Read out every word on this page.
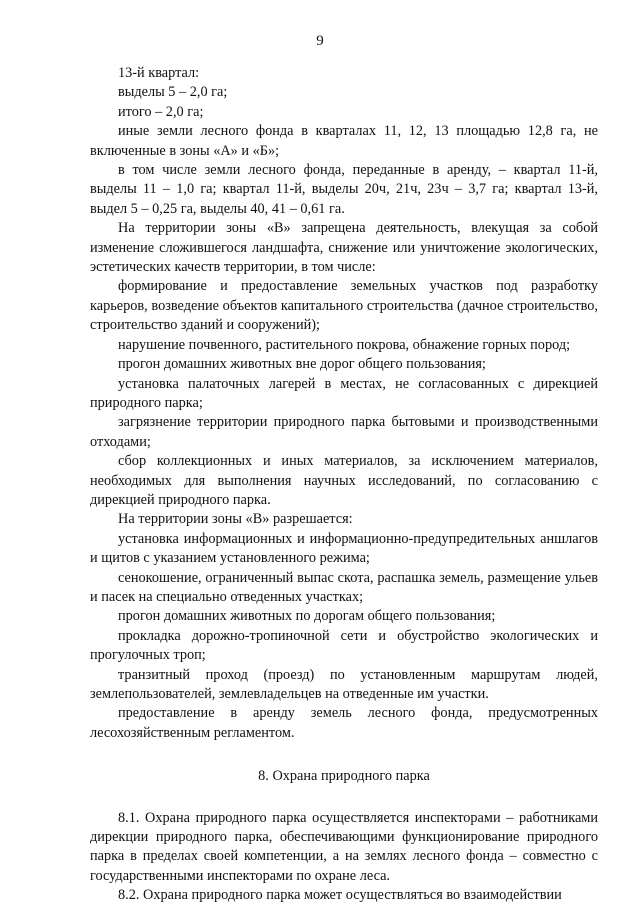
9

13-й квартал:

выделы 5 – 2,0 га;

итого – 2,0 га;

иные земли лесного фонда в кварталах 11, 12, 13 площадью 12,8 га, не включенные в зоны «А» и «Б»;

в том числе земли лесного фонда, переданные в аренду, – квартал 11-й, выделы 11 – 1,0 га; квартал 11-й, выделы 20ч, 21ч, 23ч – 3,7 га; квартал 13-й, выдел 5 – 0,25 га, выделы 40, 41 – 0,61 га.

На территории зоны «В» запрещена деятельность, влекущая за собой изменение сложившегося ландшафта, снижение или уничтожение экологических, эстетических качеств территории, в том числе:

формирование и предоставление земельных участков под разработку карьеров, возведение объектов капитального строительства (дачное строительство, строительство зданий и сооружений);

нарушение почвенного, растительного покрова, обнажение горных пород;

прогон домашних животных вне дорог общего пользования;

установка палаточных лагерей в местах, не согласованных с дирекцией природного парка;

загрязнение территории природного парка бытовыми и производственными отходами;

сбор коллекционных и иных материалов, за исключением материалов, необходимых для выполнения научных исследований, по согласованию с дирекцией природного парка.

На территории зоны «В» разрешается:

установка информационных и информационно-предупредительных аншлагов и щитов с указанием установленного режима;

сенокошение, ограниченный выпас скота, распашка земель, размещение ульев и пасек на специально отведенных участках;

прогон домашних животных по дорогам общего пользования;

прокладка дорожно-тропиночной сети и обустройство экологических и прогулочных троп;

транзитный проход (проезд) по установленным маршрутам людей, землепользователей, землевладельцев на отведенные им участки.

предоставление в аренду земель лесного фонда, предусмотренных лесохозяйственным регламентом.

8. Охрана природного парка

8.1. Охрана природного парка осуществляется инспекторами – работниками дирекции природного парка, обеспечивающими функционирование природного парка в пределах своей компетенции, а на землях лесного фонда – совместно с государственными инспекторами по охране леса.

8.2. Охрана природного парка может осуществляться во взаимодействии
